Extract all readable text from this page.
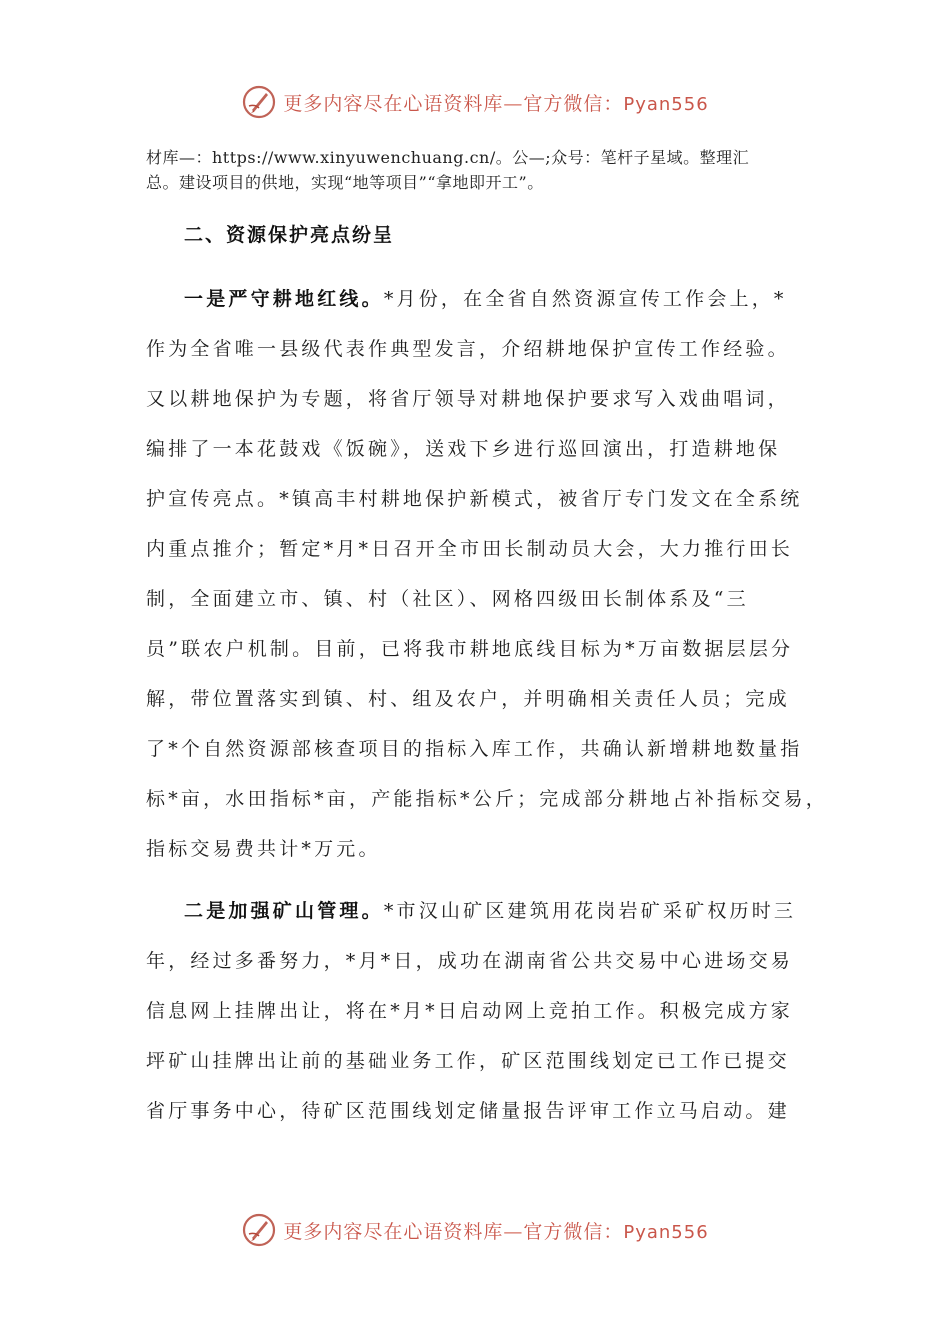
更多内容尽在心语资料库—官方微信：Pyan556
材库—：https://www.xinyuwenchuang.cn/。公—;众号：笔杆子星域。整理汇
总。建设项目的供地，实现“地等项目”“拿地即开工”。
二、资源保护亮点纷呈
一是严守耕地红线。*月份，在全省自然资源宣传工作会上，*
作为全省唯一县级代表作典型发言，介绍耕地保护宣传工作经验。
又以耕地保护为专题，将省厅领导对耕地保护要求写入戏曲唱词，
编排了一本花鼓戏《饭碗》，送戏下乡进行巡回演出，打造耕地保
护宣传亮点。*镇高丰村耕地保护新模式，被省厅专门发文在全系统
内重点推介；暂定*月*日召开全市田长制动员大会，大力推行田长
制，全面建立市、镇、村（社区）、网格四级田长制体系及“三
员”联农户机制。目前，已将我市耕地底线目标为*万亩数据层层分
解，带位置落实到镇、村、组及农户，并明确相关责任人员；完成
了*个自然资源部核查项目的指标入库工作，共确认新增耕地数量指
标*亩，水田指标*亩，产能指标*公斤；完成部分耕地占补指标交易，
指标交易费共计*万元。
二是加强矿山管理。*市汉山矿区建筑用花岗岩矿采矿权历时三
年，经过多番努力，*月*日，成功在湖南省公共交易中心进场交易
信息网上挂牌出让，将在*月*日启动网上竞拍工作。积极完成方家
坪矿山挂牌出让前的基础业务工作，矿区范围线划定已工作已提交
省厅事务中心，待矿区范围线划定储量报告评审工作立马启动。建
更多内容尽在心语资料库—官方微信：Pyan556
